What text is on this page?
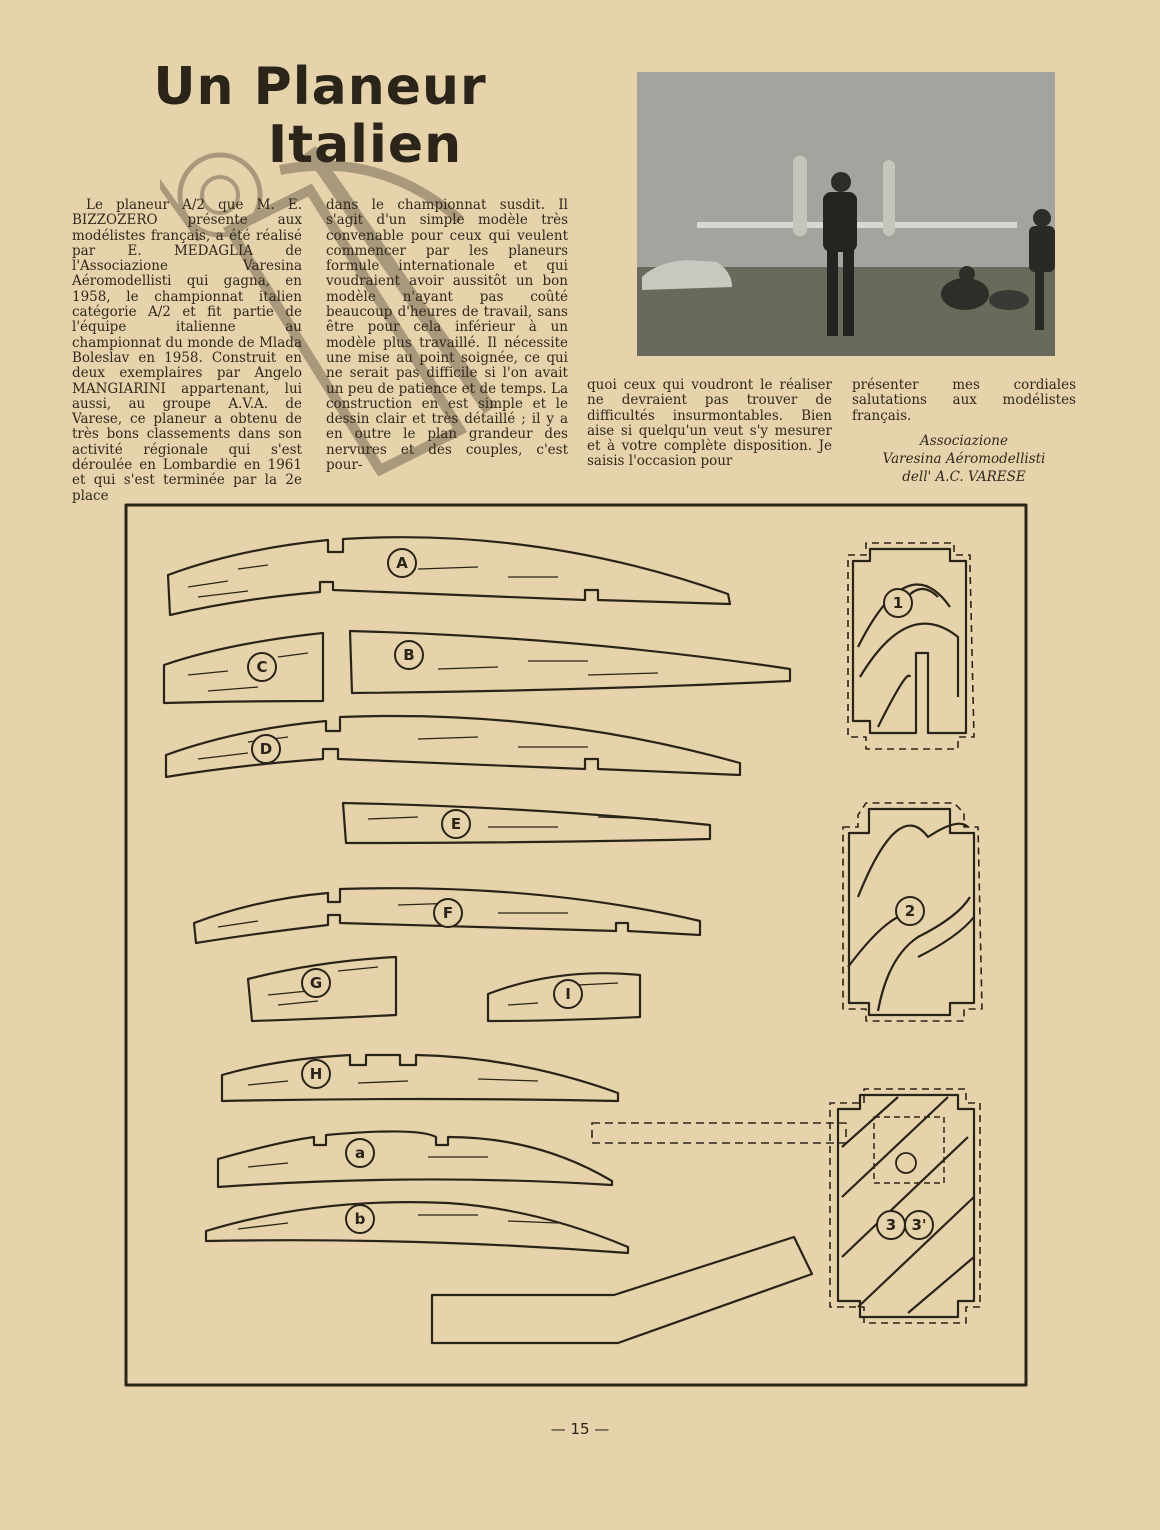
Un Planeur
Italien
Le planeur A/2 que M. E. BIZZOZERO présente aux modélistes français, a été réalisé par E. MEDAGLIA de l'Associazione Varesina Aéromodellisti qui gagna, en 1958, le championnat italien catégorie A/2 et fit partie de l'équipe italienne au championnat du monde de Mlada Boleslav en 1958. Construit en deux exemplaires par Angelo MANGIARINI appartenant, lui aussi, au groupe A.V.A. de Varese, ce planeur a obtenu de très bons classements dans son activité régionale qui s'est déroulée en Lombardie en 1961 et qui s'est terminée par la 2e place
dans le championnat susdit. Il s'agit d'un simple modèle très convenable pour ceux qui veulent commencer par les planeurs formule internationale et qui voudraient avoir aussitôt un bon modèle n'ayant pas coûté beaucoup d'heures de travail, sans être pour cela inférieur à un modèle plus travaillé. Il nécessite une mise au point soignée, ce qui ne serait pas difficile si l'on avait un peu de patience et de temps. La construction en est simple et le dessin clair et très détaillé ; il y a en outre le plan grandeur des nervures et des couples, c'est pour-
quoi ceux qui voudront le réaliser ne devraient pas trouver de difficultés insurmontables. Bien aise si quelqu'un veut s'y mesurer et à votre complète disposition. Je saisis l'occasion pour
présenter mes cordiales salutations aux modélistes français.
Associazione
Varesina Aéromodellisti
dell' A.C. VARESE
A
B
C
D
E
F
G
I
H
a
b
1
2
3 3'
O
— 15 —
